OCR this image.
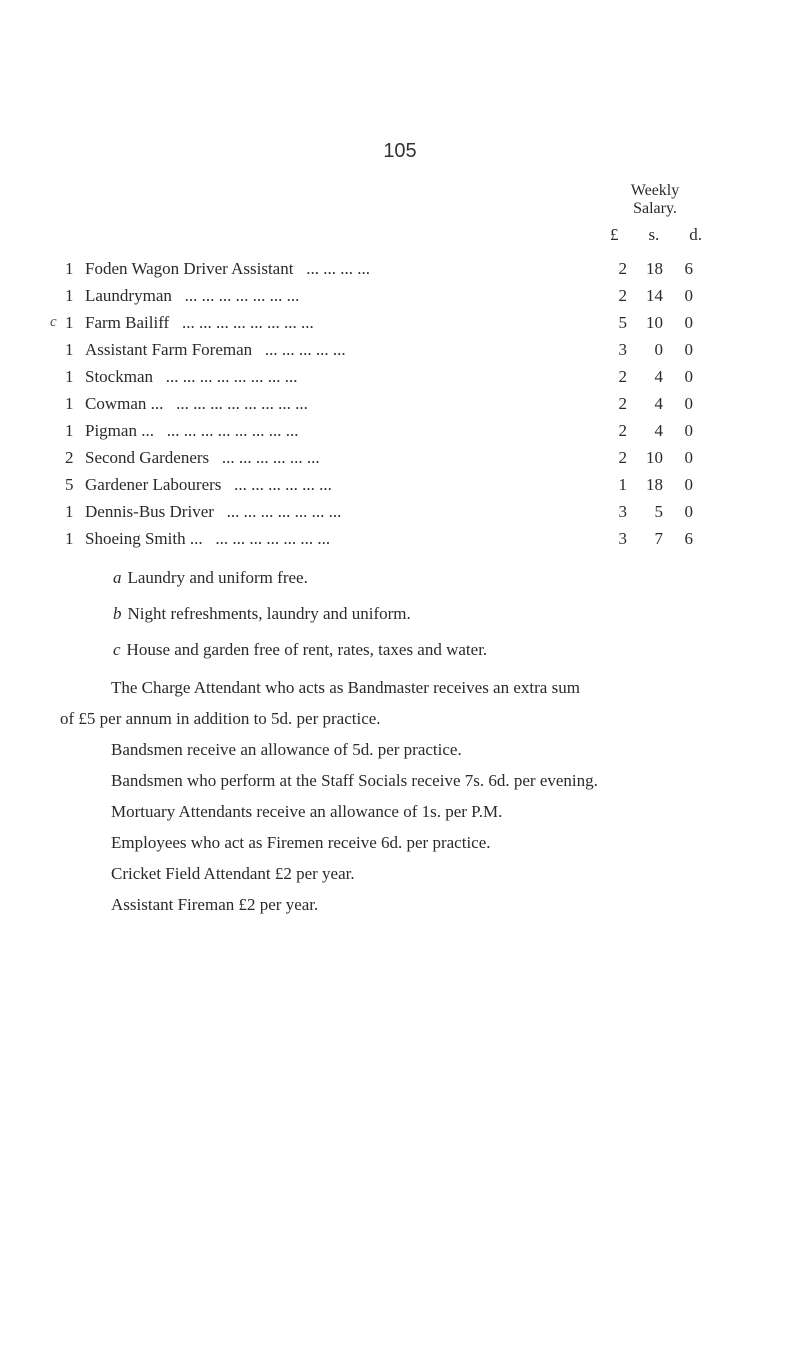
105
Weekly
Salary.
£ s. d.
	1	Foden Wagon Driver Assistant ... ... ... ...	2	18	6
	1	Laundryman ... ... ... ... ... ... ...	2	14	0
c	1	Farm Bailiff ... ... ... ... ... ... ... ...	5	10	0
	1	Assistant Farm Foreman ... ... ... ... ...	3	0	0
	1	Stockman ... ... ... ... ... ... ... ...	2	4	0
	1	Cowman ... ... ... ... ... ... ... ... ...	2	4	0
	1	Pigman ... ... ... ... ... ... ... ... ...	2	4	0
	2	Second Gardeners ... ... ... ... ... ...	2	10	0
	5	Gardener Labourers ... ... ... ... ... ...	1	18	0
	1	Dennis-Bus Driver ... ... ... ... ... ... ...	3	5	0
	1	Shoeing Smith ... ... ... ... ... ... ... ...	3	7	6
a Laundry and uniform free.
b Night refreshments, laundry and uniform.
c House and garden free of rent, rates, taxes and water.

The Charge Attendant who acts as Bandmaster receives an extra sum

of £5 per annum in addition to 5d. per practice.

Bandsmen receive an allowance of 5d. per practice.

Bandsmen who perform at the Staff Socials receive 7s. 6d. per evening.

Mortuary Attendants receive an allowance of 1s. per P.M.

Employees who act as Firemen receive 6d. per practice.

Cricket Field Attendant £2 per year.

Assistant Fireman £2 per year.
